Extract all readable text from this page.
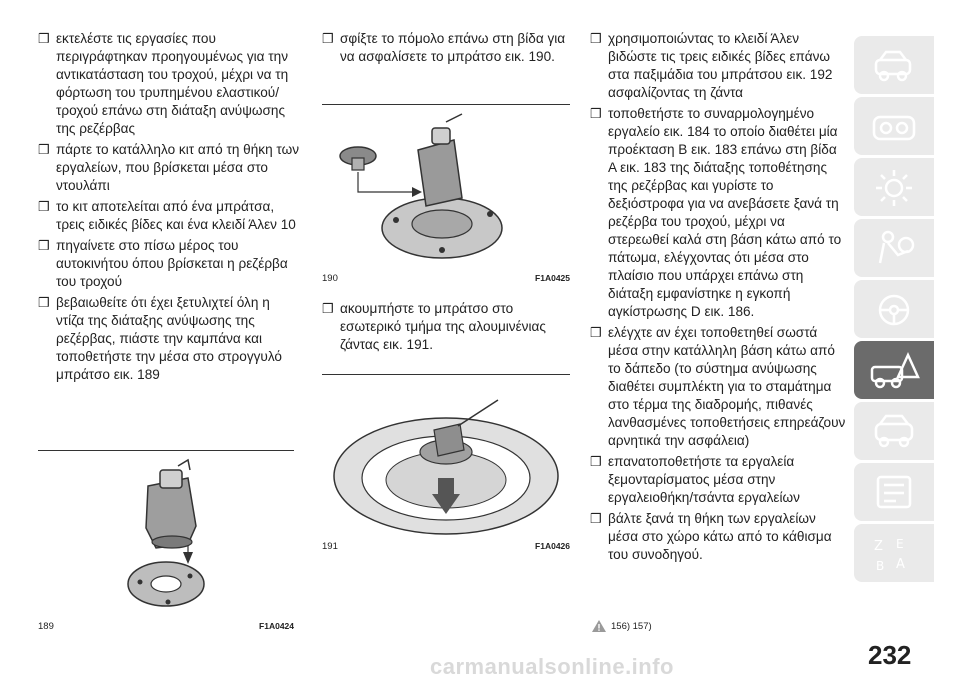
❒ εκτελέστε τις εργασίες που περιγράφτηκαν προηγουμένως για την αντικατάσταση του τροχού, μέχρι να τη φόρτωση του τρυπημένου ελαστικού/τροχού επάνω στη διάταξη ανύψωσης της ρεζέρβας
❒ πάρτε το κατάλληλο κιτ από τη θήκη των εργαλείων, που βρίσκεται μέσα στο ντουλάπι
❒ το κιτ αποτελείται από ένα μπράτσα, τρεις ειδικές βίδες και ένα κλειδί Άλεν 10
❒ πηγαίνετε στο πίσω μέρος του αυτοκινήτου όπου βρίσκεται η ρεζέρβα του τροχού
❒ βεβαιωθείτε ότι έχει ξετυλιχτεί όλη η ντίζα της διάταξης ανύψωσης της ρεζέρβας, πιάστε την καμπάνα και τοποθετήστε την μέσα στο στρογγυλό μπράτσο εικ. 189
189	F1A0424
❒ σφίξτε το πόμολο επάνω στη βίδα για να ασφαλίσετε το μπράτσο εικ. 190.
190	F1A0425
❒ ακουμπήστε το μπράτσο στο εσωτερικό τμήμα της αλουμινένιας ζάντας εικ. 191.
191	F1A0426
❒ χρησιμοποιώντας το κλειδί Άλεν βιδώστε τις τρεις ειδικές βίδες επάνω στα παξιμάδια του μπράτσου εικ. 192 ασφαλίζοντας τη ζάντα
❒ τοποθετήστε το συναρμολογημένο εργαλείο εικ. 184 το οποίο διαθέτει μία προέκταση B εικ. 183 επάνω στη βίδα A εικ. 183 της διάταξης τοποθέτησης της ρεζέρβας και γυρίστε το δεξιόστροφα για να ανεβάσετε ξανά τη ρεζέρβα του τροχού, μέχρι να στερεωθεί καλά στη βάση κάτω από το πάτωμα, ελέγχοντας ότι μέσα στο πλαίσιο που υπάρχει επάνω στη διάταξη εμφανίστηκε η εγκοπή αγκίστρωσης D εικ. 186.
❒ ελέγχτε αν έχει τοποθετηθεί σωστά μέσα στην κατάλληλη βάση κάτω από το δάπεδο (το σύστημα ανύψωσης διαθέτει συμπλέκτη για το σταμάτημα στο τέρμα της διαδρομής, πιθανές λανθασμένες τοποθετήσεις επηρεάζουν αρνητικά την ασφάλεια)
❒ επανατοποθετήστε τα εργαλεία ξεμονταρίσματος μέσα στην εργαλειοθήκη/τσάντα εργαλείων
❒ βάλτε ξανά τη θήκη των εργαλείων μέσα στο χώρο κάτω από το κάθισμα του συνοδηγού.
156) 157)
Z E
B A
232
carmanualsonline.info
